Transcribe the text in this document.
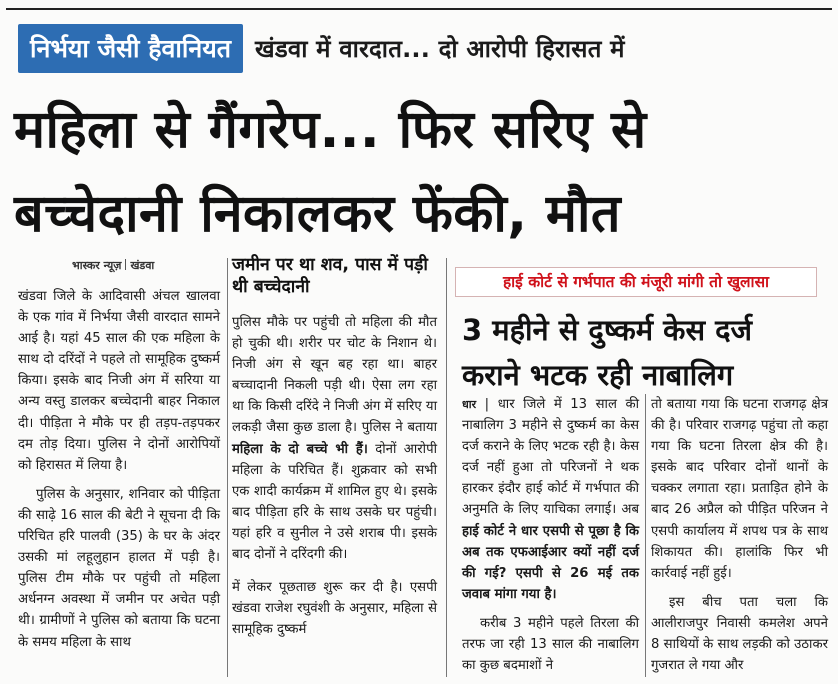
निर्भया जैसी हैवानियत	खंडवा में वारदात... दो आरोपी हिरासत में
महिला से गैंगरेप... फिर सरिए से
बच्चेदानी निकालकर फेंकी, मौत
भास्कर न्यूज़ खंडवा

खंडवा जिले के आदिवासी अंचल खालवा के एक गांव में निर्भया जैसी वारदात सामने आई है। यहां 45 साल की एक महिला के साथ दो दरिंदों ने पहले तो सामूहिक दुष्कर्म किया। इसके बाद निजी अंग में सरिया या अन्य वस्तु डालकर बच्चेदानी बाहर निकाल दी। पीड़िता ने मौके पर ही तड़प-तड़पकर दम तोड़ दिया। पुलिस ने दोनों आरोपियों को हिरासत में लिया है।

पुलिस के अनुसार, शनिवार को पीड़िता की साढ़े 16 साल की बेटी ने सूचना दी कि परिचित हरि पालवी (35) के घर के अंदर उसकी मां लहूलुहान हालत में पड़ी है। पुलिस टीम मौके पर पहुंची तो महिला अर्धनग्न अवस्था में जमीन पर अचेत पड़ी थी। ग्रामीणों ने पुलिस को बताया कि घटना के समय महिला के साथ

जमीन पर था शव, पास में पड़ी थी बच्चेदानी

पुलिस मौके पर पहुंची तो महिला की मौत हो चुकी थी। शरीर पर चोट के निशान थे। निजी अंग से खून बह रहा था। बाहर बच्चादानी निकली पड़ी थी। ऐसा लग रहा था कि किसी दरिंदे ने निजी अंग में सरिए या लकड़ी जैसा कुछ डाला है। पुलिस ने बताया महिला के दो बच्चे भी हैं। दोनों आरोपी महिला के परिचित हैं। शुक्रवार को सभी एक शादी कार्यक्रम में शामिल हुए थे। इसके बाद पीड़िता हरि के साथ उसके घर पहुंची। यहां हरि व सुनील ने उसे शराब पी। इसके बाद दोनों ने दरिंदगी की।

में लेकर पूछताछ शुरू कर दी है। एसपी खंडवा राजेश रघुवंशी के अनुसार, महिला से सामूहिक दुष्कर्म

हाई कोर्ट से गर्भपात की मंजूरी मांगी तो खुलासा
3 महीने से दुष्कर्म केस दर्ज
कराने भटक रही नाबालिग

धार | धार जिले में 13 साल की नाबालिग 3 महीने से दुष्कर्म का केस दर्ज कराने के लिए भटक रही है। केस दर्ज नहीं हुआ तो परिजनों ने थक हारकर इंदौर हाई कोर्ट में गर्भपात की अनुमति के लिए याचिका लगाई। अब हाई कोर्ट ने धार एसपी से पूछा है कि अब तक एफआईआर क्यों नहीं दर्ज की गई? एसपी से 26 मई तक जवाब मांगा गया है।

करीब 3 महीने पहले तिरला की तरफ जा रही 13 साल की नाबालिग का कुछ बदमाशों ने

तो बताया गया कि घटना राजगढ़ क्षेत्र की है। परिवार राजगढ़ पहुंचा तो कहा गया कि घटना तिरला क्षेत्र की है। इसके बाद परिवार दोनों थानों के चक्कर लगाता रहा। प्रताड़ित होने के बाद 26 अप्रैल को पीड़ित परिजन ने एसपी कार्यालय में शपथ पत्र के साथ शिकायत की। हालांकि फिर भी कार्रवाई नहीं हुई।

इस बीच पता चला कि आलीराजपुर निवासी कमलेश अपने 8 साथियों के साथ लड़की को उठाकर गुजरात ले गया और
